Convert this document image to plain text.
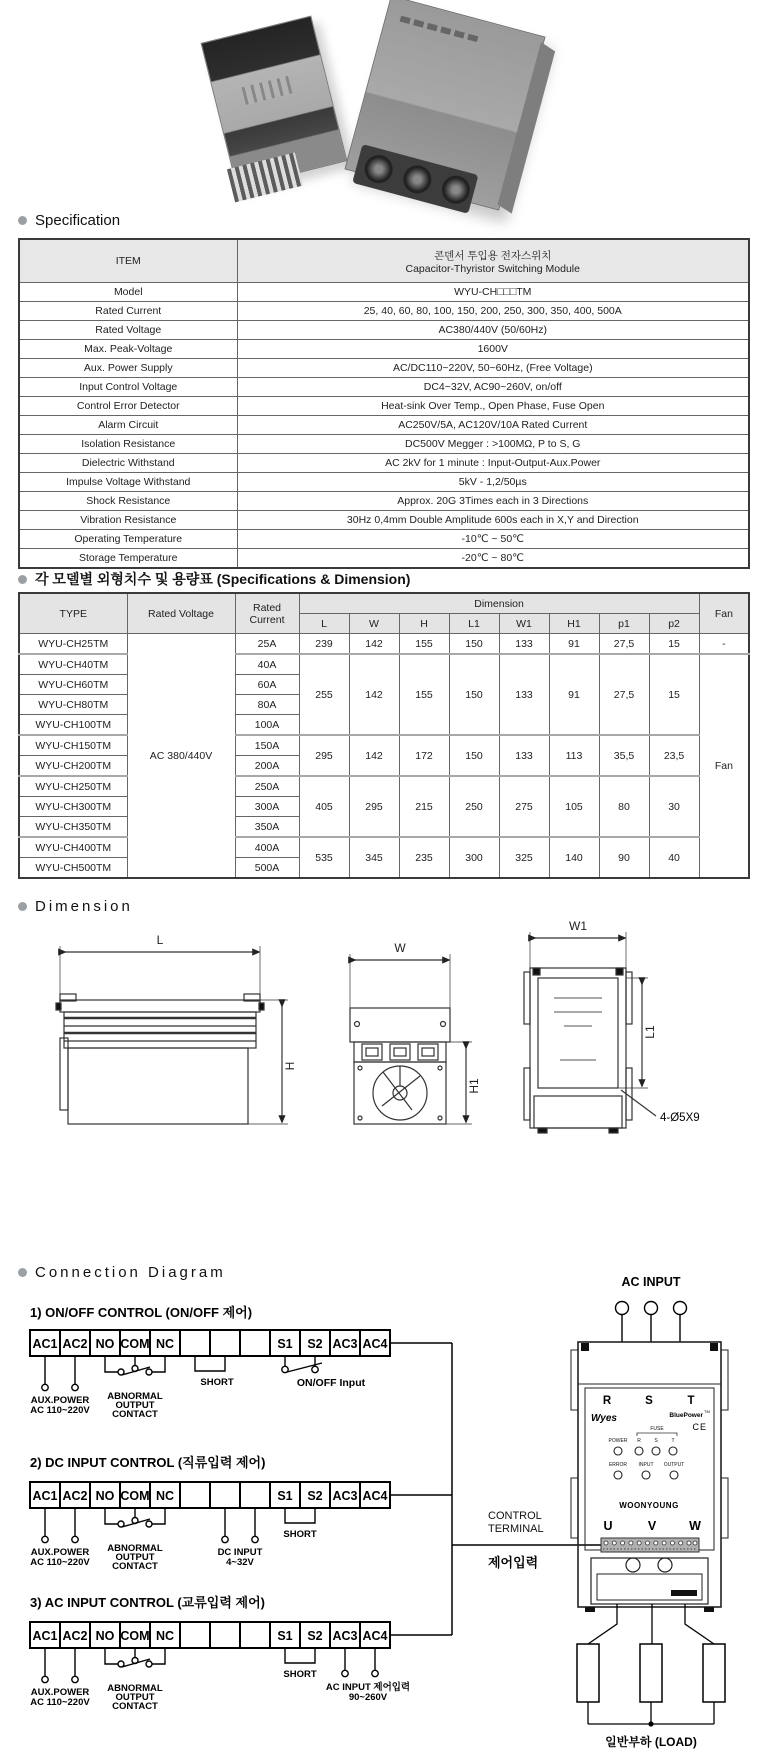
Specification
ITEM	콘덴서 투입용 전자스위치
Capacitor-Thyristor Switching Module

Model	WYU-CH□□□TM
Rated Current	25, 40, 60, 80, 100, 150, 200, 250, 300, 350, 400, 500A
Rated Voltage	AC380/440V (50/60Hz)
Max. Peak-Voltage	1600V
Aux. Power Supply	AC/DC110~220V, 50~60Hz, (Free Voltage)
Input Control Voltage	DC4~32V, AC90~260V, on/off
Control Error Detector	Heat-sink Over Temp., Open Phase, Fuse Open
Alarm Circuit	AC250V/5A, AC120V/10A Rated Current
Isolation Resistance	DC500V Megger : >100MΩ, P to S, G
Dielectric Withstand	AC 2kV for 1 minute : Input-Output-Aux.Power
Impulse Voltage Withstand	5kV - 1,2/50µs
Shock Resistance	Approx. 20G 3Times each in 3 Directions
Vibration Resistance	30Hz 0,4mm Double Amplitude 600s each in X,Y and Direction
Operating Temperature	-10℃ ~ 50℃
Storage Temperature	-20℃ ~ 80℃
각 모델별 외형치수 및 용량표 (Specifications & Dimension)
TYPE	Rated Voltage	Rated
Current	Dimension								Fan
			L	W	H	L1	W1	H1	p1	p2	
WYU-CH25TM	AC 380/440V	25A	239	142	155	150	133	91	27,5	15	-
WYU-CH40TM		40A	255	142	155	150	133	91	27,5	15	Fan
WYU-CH60TM		60A									
WYU-CH80TM		80A									
WYU-CH100TM		100A									
WYU-CH150TM		150A	295	142	172	150	133	113	35,5	23,5	
WYU-CH200TM		200A									
WYU-CH250TM		250A	405	295	215	250	275	105	80	30	
WYU-CH300TM		300A									
WYU-CH350TM		350A									
WYU-CH400TM		400A	535	345	235	300	325	140	90	40	
WYU-CH500TM		500A									
Dimension
L
H
W
H1
W1
L1
4-Ø5X9
Connection Diagram
1) ON/OFF CONTROL (ON/OFF 제어)
AC1 AC2 NO COM NC	S1 S2 AC3 AC4
AUX.POWER
AC 110~220V
ABNORMAL
OUTPUT
CONTACT
SHORT	ON/OFF Input
2) DC INPUT CONTROL (직류입력 제어)
AC1 AC2 NO COM NC	S1 S2 AC3 AC4
AUX.POWER
AC 110~220V
ABNORMAL
OUTPUT
CONTACT
DC INPUT
4~32V
SHORT
3) AC INPUT CONTROL (교류입력 제어)
AC1 AC2 NO COM NC	S1 S2 AC3 AC4
AUX.POWER
AC 110~220V
ABNORMAL
OUTPUT
CONTACT
SHORT
AC INPUT 제어입력
90~260V
CONTROL
TERMINAL
제어입력
AC INPUT
R	S	T
Wyes	BluePower
TM
CE
FUSE
POWER R	S	T
ERROR INPUT OUTPUT
WOONYOUNG
U	V	W
일반부하 (LOAD)
